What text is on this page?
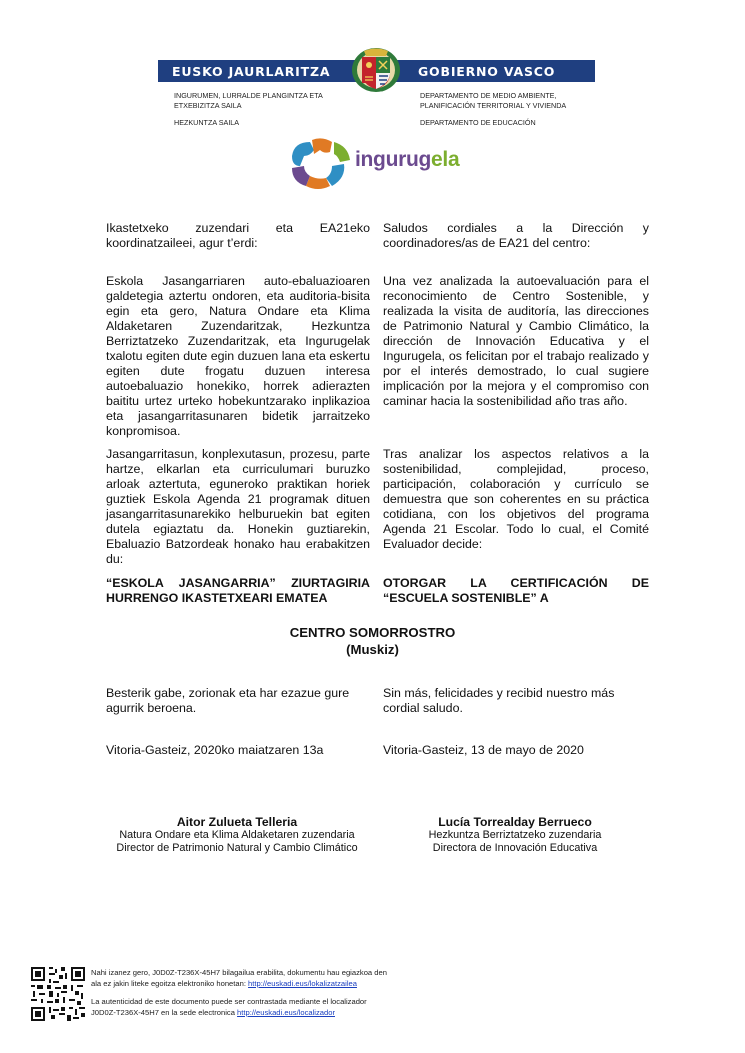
EUSKO JAURLARITZA	GOBIERNO VASCO
INGURUMEN, LURRALDE PLANGINTZA ETA ETXEBIZITZA SAILA
DEPARTAMENTO DE MEDIO AMBIENTE, PLANIFICACIÓN TERRITORIAL Y VIVIENDA
HEZKUNTZA SAILA	DEPARTAMENTO DE EDUCACIÓN
ingurugela
Ikastetxeko zuzendari eta EA21eko koordinatzaileei, agur t’erdi:
Saludos cordiales a la Dirección y coordinadores/as de EA21 del centro:
Eskola Jasangarriaren auto-ebaluazioaren galdetegia aztertu ondoren, eta auditoria-bisita egin eta gero, Natura Ondare eta Klima Aldaketaren Zuzendaritzak, Hezkuntza Berriztatzeko Zuzendaritzak, eta Ingurugelak txalotu egiten dute egin duzuen lana eta eskertu egiten dute frogatu duzuen interesa autoebaluazio honekiko, horrek adierazten baititu urtez urteko hobekuntzarako inplikazioa eta jasangarritasunaren bidetik jarraitzeko konpromisoa.
Una vez analizada la autoevaluación para el reconocimiento de Centro Sostenible, y realizada la visita de auditoría, las direcciones de Patrimonio Natural y Cambio Climático, la dirección de Innovación Educativa y el Ingurugela, os felicitan por el trabajo realizado y por el interés demostrado, lo cual sugiere implicación por la mejora y el compromiso con caminar hacia la sostenibilidad año tras año.
Jasangarritasun, konplexutasun, prozesu, parte hartze, elkarlan eta curriculumari buruzko arloak aztertuta, eguneroko praktikan horiek guztiek Eskola Agenda 21 programak dituen jasangarritasunarekiko helburuekin bat egiten dutela egiaztatu da. Honekin guztiarekin, Ebaluazio Batzordeak honako hau erabakitzen du:
Tras analizar los aspectos relativos a la sostenibilidad, complejidad, proceso, participación, colaboración y currículo se demuestra que son coherentes en su práctica cotidiana, con los objetivos del programa Agenda 21 Escolar. Todo lo cual, el Comité Evaluador decide:
“ESKOLA JASANGARRIA” ZIURTAGIRIA HURRENGO IKASTETXEARI EMATEA
OTORGAR LA CERTIFICACIÓN DE “ESCUELA SOSTENIBLE” A
CENTRO SOMORROSTRO
(Muskiz)
Besterik gabe, zorionak eta har ezazue gure agurrik beroena.
Sin más, felicidades y recibid nuestro más cordial saludo.
Vitoria-Gasteiz, 2020ko maiatzaren 13a	Vitoria-Gasteiz, 13 de mayo de 2020
Aitor Zulueta Telleria
Natura Ondare eta Klima Aldaketaren zuzendaria
Director de Patrimonio Natural y Cambio Climático
Lucía Torrealday Berrueco
Hezkuntza Berriztatzeko zuzendaria
Directora de Innovación Educativa
Nahi izanez gero, J0D0Z-T236X-45H7 bilagailua erabilita, dokumentu hau egiazkoa den ala ez jakin liteke egoitza elektroniko honetan: http://euskadi.eus/lokalizatzailea
La autenticidad de este documento puede ser contrastada mediante el localizador J0D0Z-T236X-45H7 en la sede electronica http://euskadi.eus/localizador
